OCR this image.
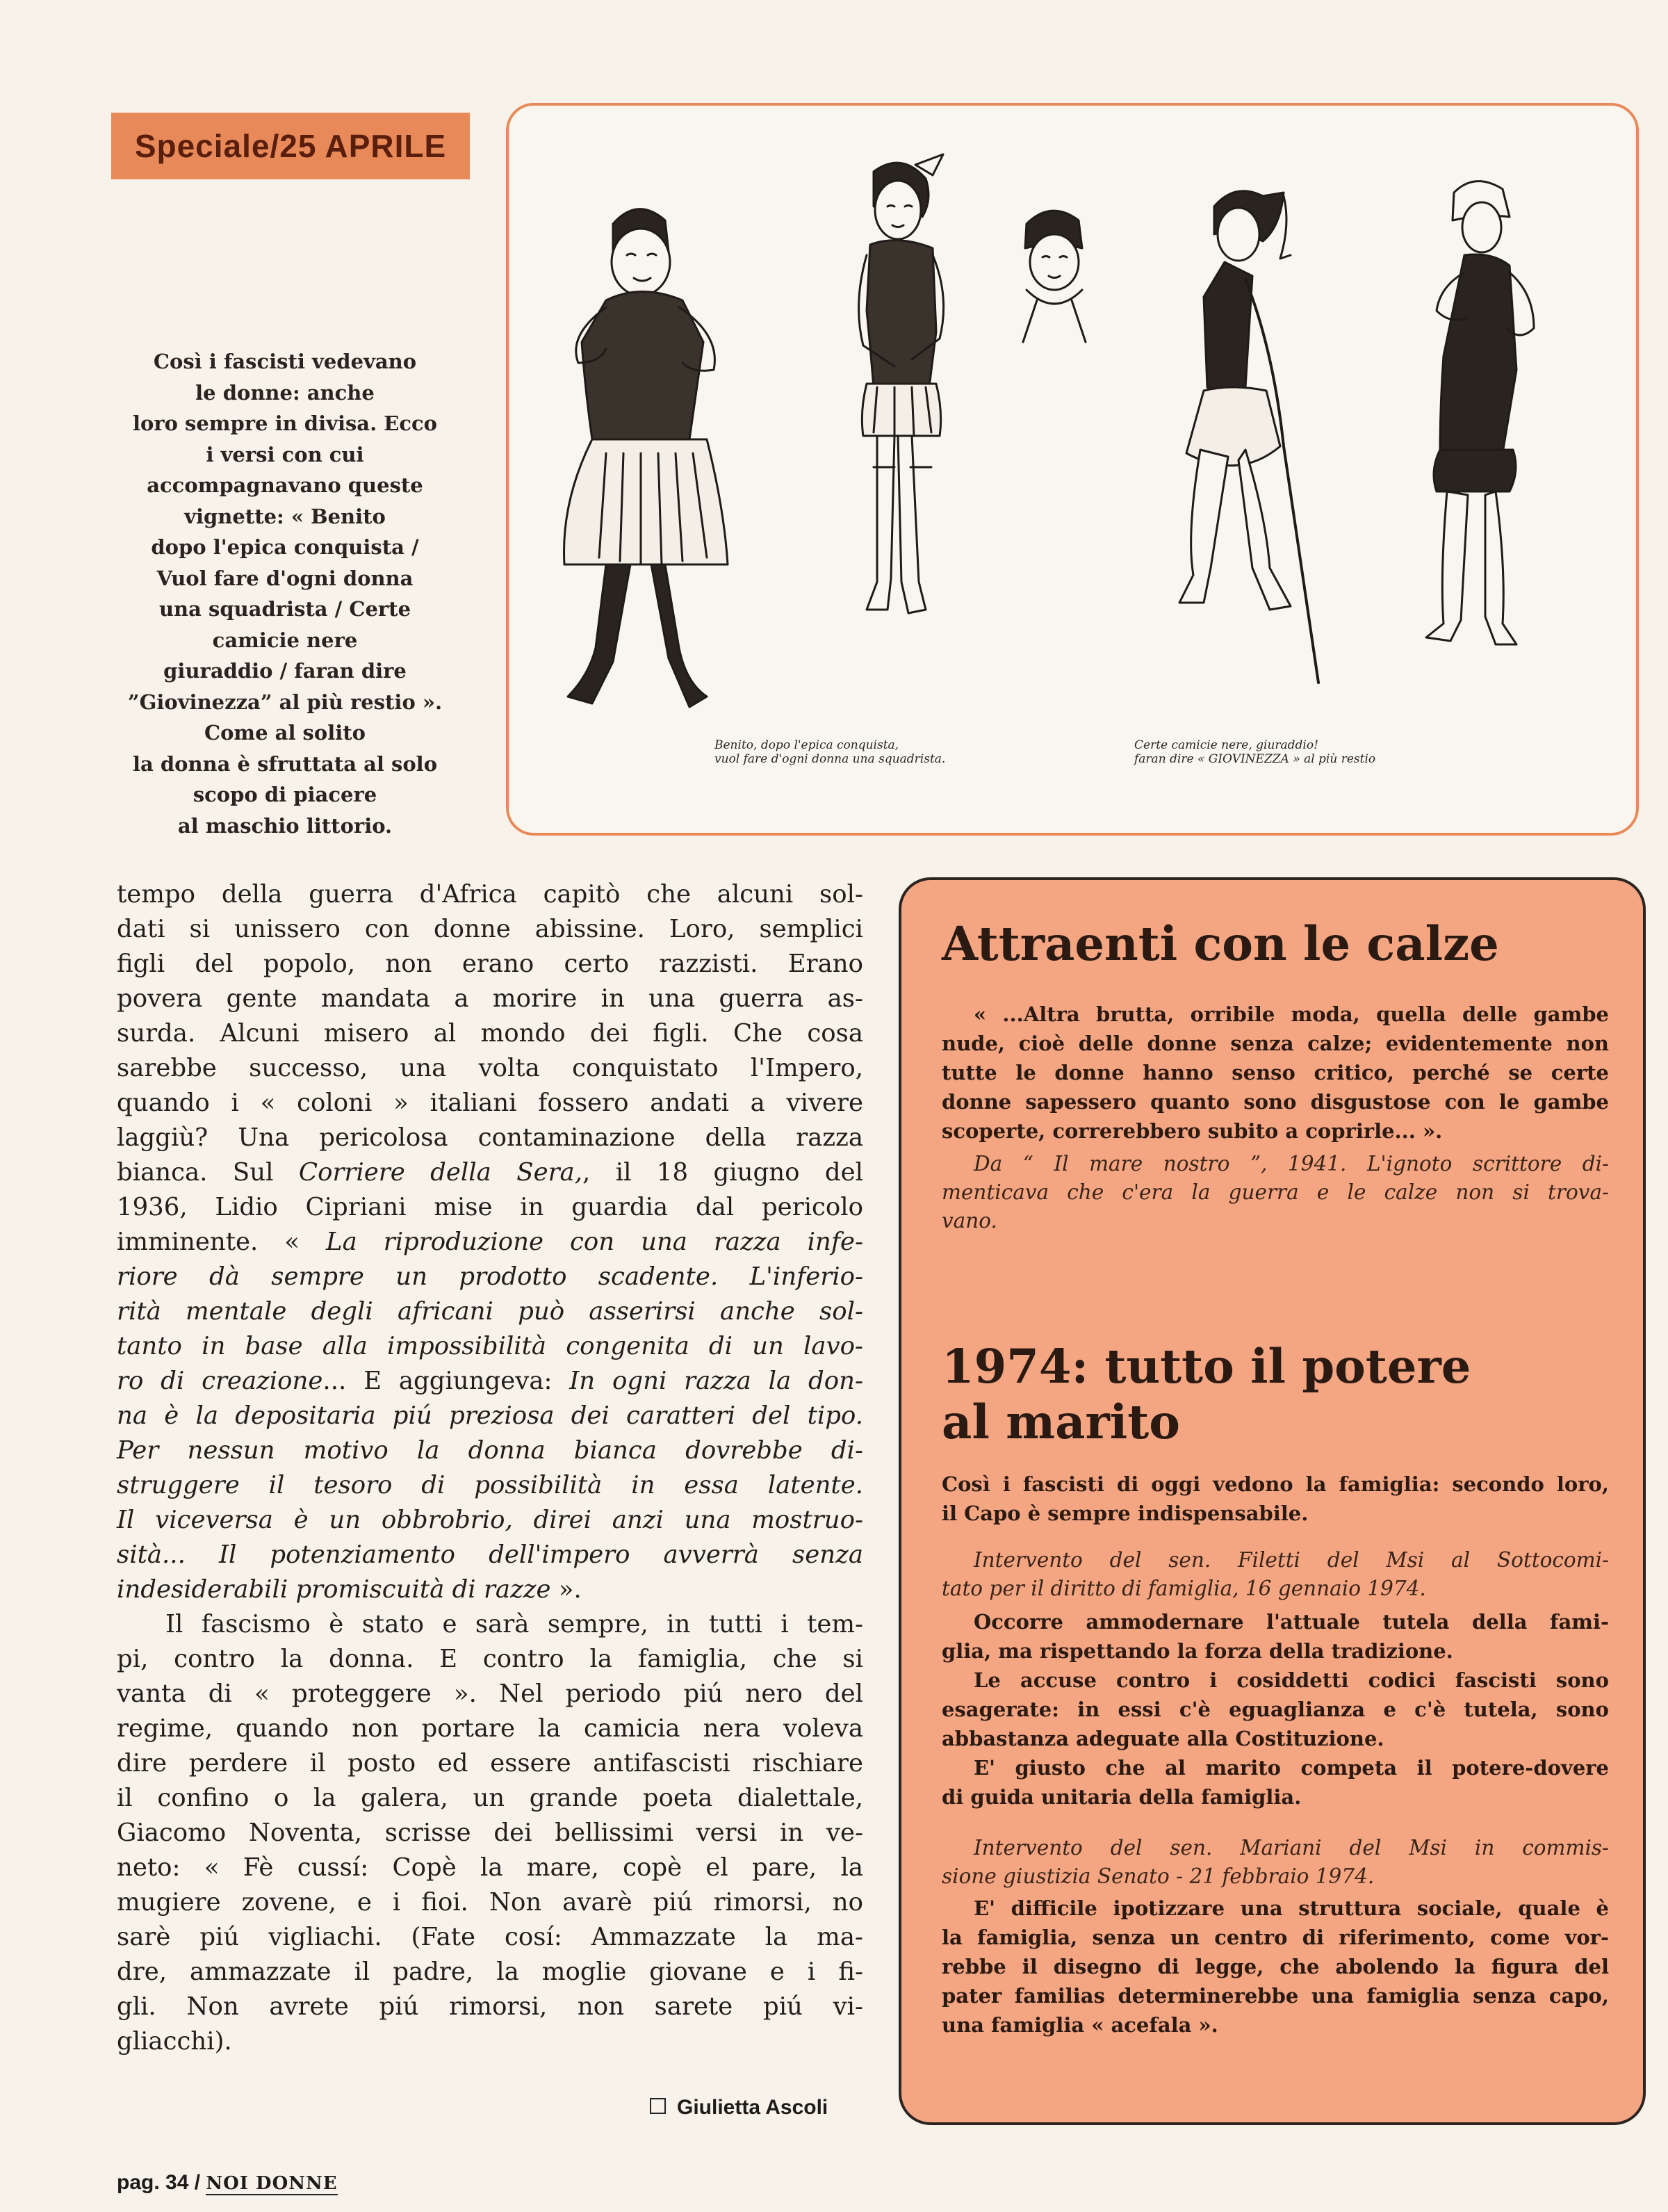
Speciale/25 APRILE
Così i fascisti vedevano
le donne: anche
loro sempre in divisa. Ecco
i versi con cui
accompagnavano queste
vignette: « Benito
dopo l'epica conquista /
Vuol fare d'ogni donna
una squadrista / Certe
camicie nere
giuraddio / faran dire
”Giovinezza” al più restio ».
Come al solito
la donna è sfruttata al solo
scopo di piacere
al maschio littorio.
Benito, dopo l'epica conquista,
vuol fare d'ogni donna una squadrista.
Certe camicie nere, giuraddio!
faran dire « GIOVINEZZA » al più restio
tempo della guerra d'Africa capitò che alcuni sol-
dati si unissero con donne abissine. Loro, semplici
figli del popolo, non erano certo razzisti. Erano
povera gente mandata a morire in una guerra as-
surda. Alcuni misero al mondo dei figli. Che cosa
sarebbe successo, una volta conquistato l'Impero,
quando i « coloni » italiani fossero andati a vivere
laggiù? Una pericolosa contaminazione della razza
bianca. Sul Corriere della Sera,, il 18 giugno del
1936, Lidio Cipriani mise in guardia dal pericolo
imminente. « La riproduzione con una razza infe-
riore dà sempre un prodotto scadente. L'inferio-
rità mentale degli africani può asserirsi anche sol-
tanto in base alla impossibilità congenita di un lavo-
ro di creazione... E aggiungeva: In ogni razza la don-
na è la depositaria piú preziosa dei caratteri del tipo.
Per nessun motivo la donna bianca dovrebbe di-
struggere il tesoro di possibilità in essa latente.
Il viceversa è un obbrobrio, direi anzi una mostruo-
sità... Il potenziamento dell'impero avverrà senza
indesiderabili promiscuità di razze ».
Il fascismo è stato e sarà sempre, in tutti i tem-
pi, contro la donna. E contro la famiglia, che si
vanta di « proteggere ». Nel periodo piú nero del
regime, quando non portare la camicia nera voleva
dire perdere il posto ed essere antifascisti rischiare
il confino o la galera, un grande poeta dialettale,
Giacomo Noventa, scrisse dei bellissimi versi in ve-
neto: « Fè cussí: Copè la mare, copè el pare, la
mugiere zovene, e i fioi. Non avarè piú rimorsi, no
sarè piú vigliachi. (Fate cosí: Ammazzate la ma-
dre, ammazzate il padre, la moglie giovane e i fi-
gli. Non avrete piú rimorsi, non sarete piú vi-
gliacchi).
Giulietta Ascoli
pag. 34 / NOI DONNE
Attraenti con le calze
« ...Altra brutta, orribile moda, quella delle gambe
nude, cioè delle donne senza calze; evidentemente non
tutte le donne hanno senso critico, perché se certe
donne sapessero quanto sono disgustose con le gambe
scoperte, correrebbero subito a coprirle... ».
Da “ Il mare nostro ”, 1941. L'ignoto scrittore di-
menticava che c'era la guerra e le calze non si trova-
vano.
1974: tutto il potere
al marito
Così i fascisti di oggi vedono la famiglia: secondo loro,
il Capo è sempre indispensabile.
Intervento del sen. Filetti del Msi al Sottocomi-
tato per il diritto di famiglia, 16 gennaio 1974.
Occorre ammodernare l'attuale tutela della fami-
glia, ma rispettando la forza della tradizione.
Le accuse contro i cosiddetti codici fascisti sono
esagerate: in essi c'è eguaglianza e c'è tutela, sono
abbastanza adeguate alla Costituzione.
E' giusto che al marito competa il potere-dovere
di guida unitaria della famiglia.
Intervento del sen. Mariani del Msi in commis-
sione giustizia Senato - 21 febbraio 1974.
E' difficile ipotizzare una struttura sociale, quale è
la famiglia, senza un centro di riferimento, come vor-
rebbe il disegno di legge, che abolendo la figura del
pater familias determinerebbe una famiglia senza capo,
una famiglia « acefala ».
